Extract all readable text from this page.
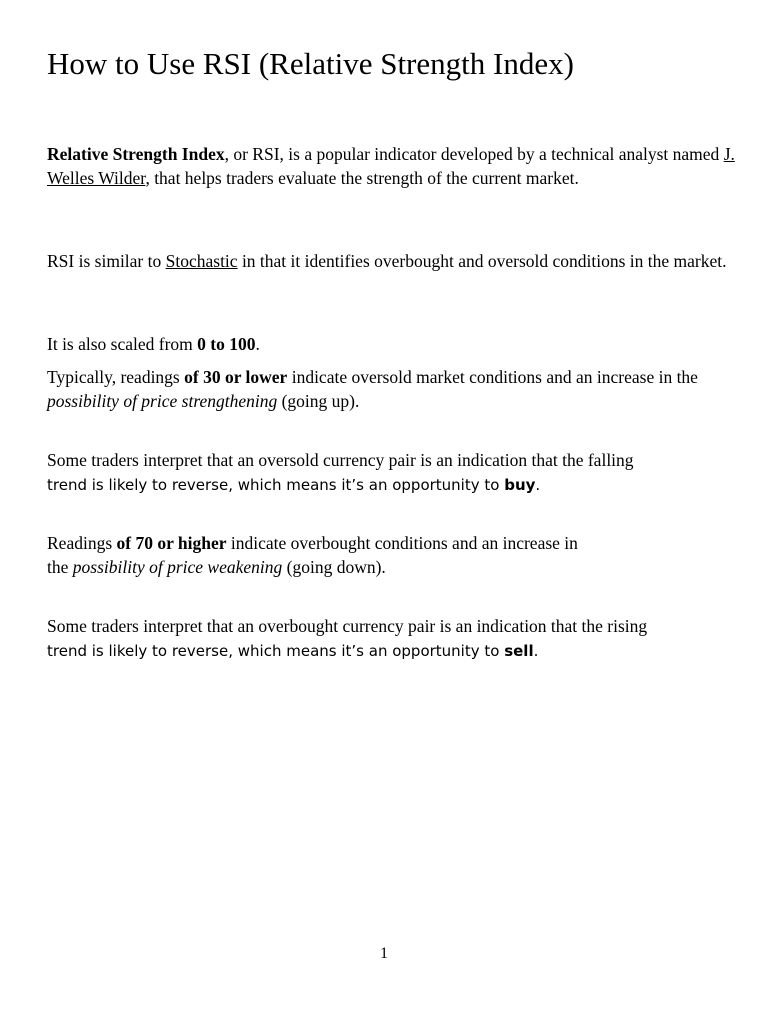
How to Use RSI (Relative Strength Index)

Relative Strength Index, or RSI, is a popular indicator developed by a technical analyst named J. Welles Wilder, that helps traders evaluate the strength of the current market.

RSI is similar to Stochastic in that it identifies overbought and oversold conditions in the market.

It is also scaled from 0 to 100.

Typically, readings of 30 or lower indicate oversold market conditions and an increase in the possibility of price strengthening (going up).

Some traders interpret that an oversold currency pair is an indication that the falling
trend is likely to reverse, which means it’s an opportunity to buy.

Readings of 70 or higher indicate overbought conditions and an increase in
the possibility of price weakening (going down).

Some traders interpret that an overbought currency pair is an indication that the rising
trend is likely to reverse, which means it’s an opportunity to sell.

1
